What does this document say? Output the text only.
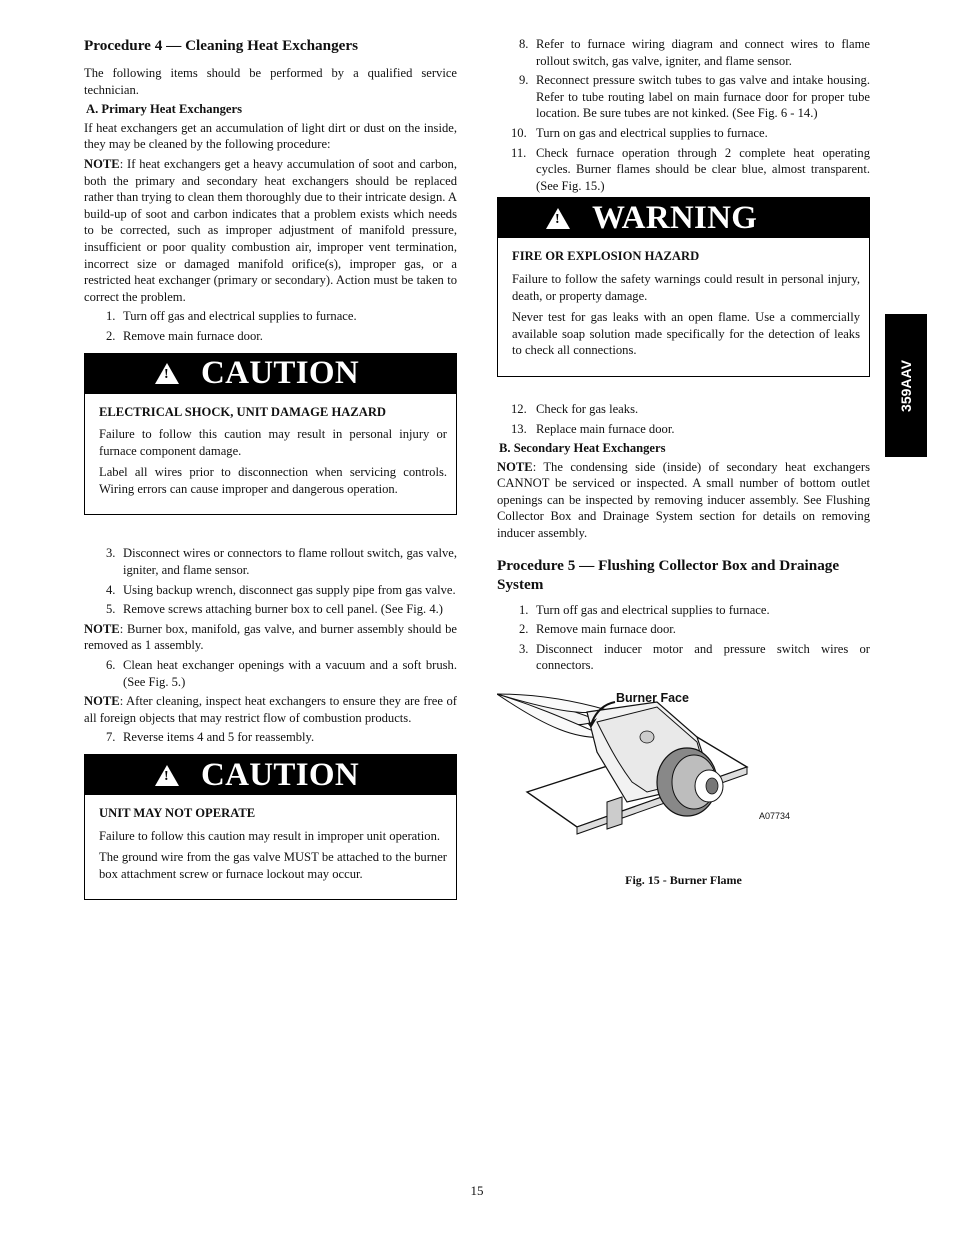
Procedure 4 — Cleaning Heat Exchangers

The following items should be performed by a qualified service technician.

A. Primary Heat Exchangers

If heat exchangers get an accumulation of light dirt or dust on the inside, they may be cleaned by the following procedure:

NOTE: If heat exchangers get a heavy accumulation of soot and carbon, both the primary and secondary heat exchangers should be replaced rather than trying to clean them thoroughly due to their intricate design. A build-up of soot and carbon indicates that a problem exists which needs to be corrected, such as improper adjustment of manifold pressure, insufficient or poor quality combustion air, improper vent termination, incorrect size or damaged manifold orifice(s), improper gas, or a restricted heat exchanger (primary or secondary). Action must be taken to correct the problem.

1. Turn off gas and electrical supplies to furnace.
2. Remove main furnace door.
! CAUTION
ELECTRICAL SHOCK, UNIT DAMAGE HAZARD

Failure to follow this caution may result in personal injury or furnace component damage.

Label all wires prior to disconnection when servicing controls. Wiring errors can cause improper and dangerous operation.

3. Disconnect wires or connectors to flame rollout switch, gas valve, igniter, and flame sensor.
4. Using backup wrench, disconnect gas supply pipe from gas valve.
5. Remove screws attaching burner box to cell panel. (See Fig. 4.)

NOTE: Burner box, manifold, gas valve, and burner assembly should be removed as 1 assembly.

6. Clean heat exchanger openings with a vacuum and a soft brush. (See Fig. 5.)

NOTE: After cleaning, inspect heat exchangers to ensure they are free of all foreign objects that may restrict flow of combustion products.

7. Reverse items 4 and 5 for reassembly.
! CAUTION
UNIT MAY NOT OPERATE

Failure to follow this caution may result in improper unit operation.

The ground wire from the gas valve MUST be attached to the burner box attachment screw or furnace lockout may occur.

8. Refer to furnace wiring diagram and connect wires to flame rollout switch, gas valve, igniter, and flame sensor.
9. Reconnect pressure switch tubes to gas valve and intake housing. Refer to tube routing label on main furnace door for proper tube location. Be sure tubes are not kinked. (See Fig. 6 - 14.)
10. Turn on gas and electrical supplies to furnace.
11. Check furnace operation through 2 complete heat operating cycles. Burner flames should be clear blue, almost transparent. (See Fig. 15.)
! WARNING
FIRE OR EXPLOSION HAZARD

Failure to follow the safety warnings could result in personal injury, death, or property damage.

Never test for gas leaks with an open flame. Use a commercially available soap solution made specifically for the detection of leaks to check all connections.

12. Check for gas leaks.
13. Replace main furnace door.
B. Secondary Heat Exchangers

NOTE: The condensing side (inside) of secondary heat exchangers CANNOT be serviced or inspected. A small number of bottom outlet openings can be inspected by removing inducer assembly. See Flushing Collector Box and Drainage System section for details on removing inducer assembly.

Procedure 5 — Flushing Collector Box and Drainage System
1. Turn off gas and electrical supplies to furnace.
2. Remove main furnace door.
3. Disconnect inducer motor and pressure switch wires or connectors.
Burner Face
A07734
Fig. 15 - Burner Flame
359AAV
15
